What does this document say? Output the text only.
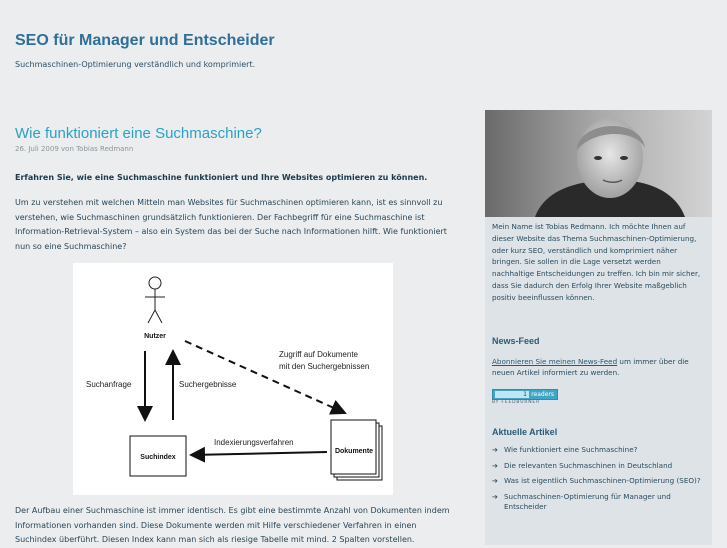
SEO für Manager und Entscheider
Suchmaschinen-Optimierung verständlich und komprimiert.
Wie funktioniert eine Suchmaschine?
26. Juli 2009 von Tobias Redmann

Erfahren Sie, wie eine Suchmaschine funktioniert und Ihre Websites optimieren zu können.

Um zu verstehen mit welchen Mitteln man Websites für Suchmaschinen optimieren kann, ist es sinnvoll zu verstehen, wie Suchmaschinen grundsätzlich funktionieren. Der Fachbegriff für eine Suchmaschine ist Information-Retrieval-System – also ein System das bei der Suche nach Informationen hilft. Wie funktioniert nun so eine Suchmaschine?

Nutzer
Suchanfrage	Suchergebnisse
Zugriff auf Dokumente
mit den Suchergebnissen
Suchindex
Dokumente
Indexierungsverfahren

Der Aufbau einer Suchmaschine ist immer identisch. Es gibt eine bestimmte Anzahl von Dokumenten indem Informationen vorhanden sind. Diese Dokumente werden mit Hilfe verschiedener Verfahren in einen Suchindex überführt. Diesen Index kann man sich als riesige Tabelle mit mind. 2 Spalten vorstellen.

Mein Name ist Tobias Redmann. Ich möchte Ihnen auf dieser Website das Thema Suchmaschinen-Optimierung, oder kurz SEO, verständlich und komprimiert näher bringen. Sie sollen in die Lage versetzt werden nachhaltige Entscheidungen zu treffen. Ich bin mir sicher, dass Sie dadurch den Erfolg Ihrer Website maßgeblich positiv beeinflussen können.

News-Feed
Abonnieren Sie meinen News-Feed um immer über die neuen Artikel informiert zu werden.
readers
1
BY FEEDBURNER
Aktuelle Artikel
➔ Wie funktioniert eine Suchmaschine?
➔ Die relevanten Suchmaschinen in Deutschland
➔ Was ist eigentlich Suchmaschinen-Optimierung (SEO)?
➔ Suchmaschinen-Optimierung für Manager und Entscheider
